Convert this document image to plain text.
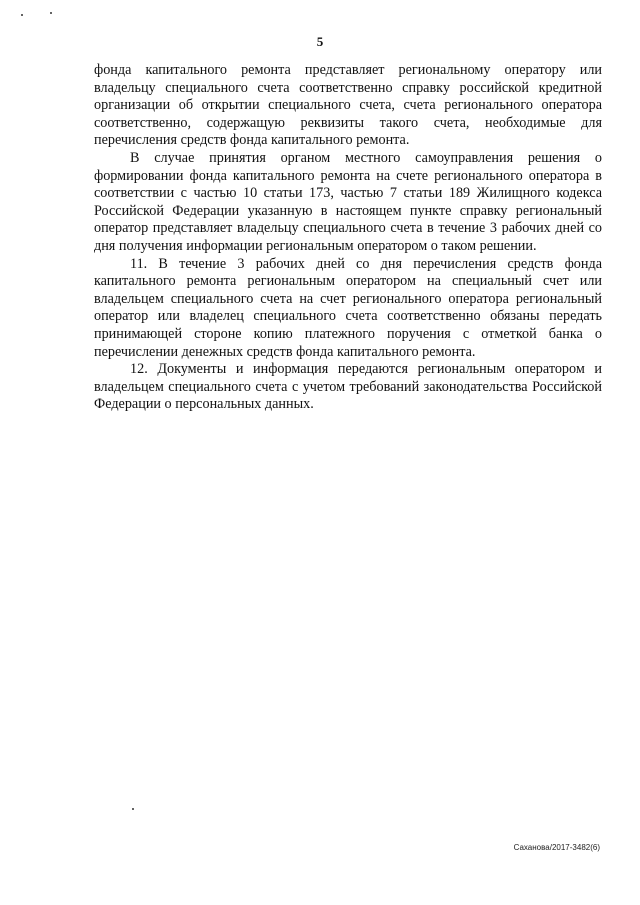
5

фонда капитального ремонта представляет региональному оператору или владельцу специального счета соответственно справку российской кредитной организации об открытии специального счета, счета регионального оператора соответственно, содержащую реквизиты такого счета, необходимые для перечисления средств фонда капитального ремонта.

В случае принятия органом местного самоуправления решения о формировании фонда капитального ремонта на счете регионального оператора в соответствии с частью 10 статьи 173, частью 7 статьи 189 Жилищного кодекса Российской Федерации указанную в настоящем пункте справку региональный оператор представляет владельцу специального счета в течение 3 рабочих дней со дня получения информации региональным оператором о таком решении.

11. В течение 3 рабочих дней со дня перечисления средств фонда капитального ремонта региональным оператором на специальный счет или владельцем специального счета на счет регионального оператора региональный оператор или владелец специального счета соответственно обязаны передать принимающей стороне копию платежного поручения с отметкой банка о перечислении денежных средств фонда капитального ремонта.

12. Документы и информация передаются региональным оператором и владельцем специального счета с учетом требований законодательства Российской Федерации о персональных данных.

Саханова/2017-3482(6)
